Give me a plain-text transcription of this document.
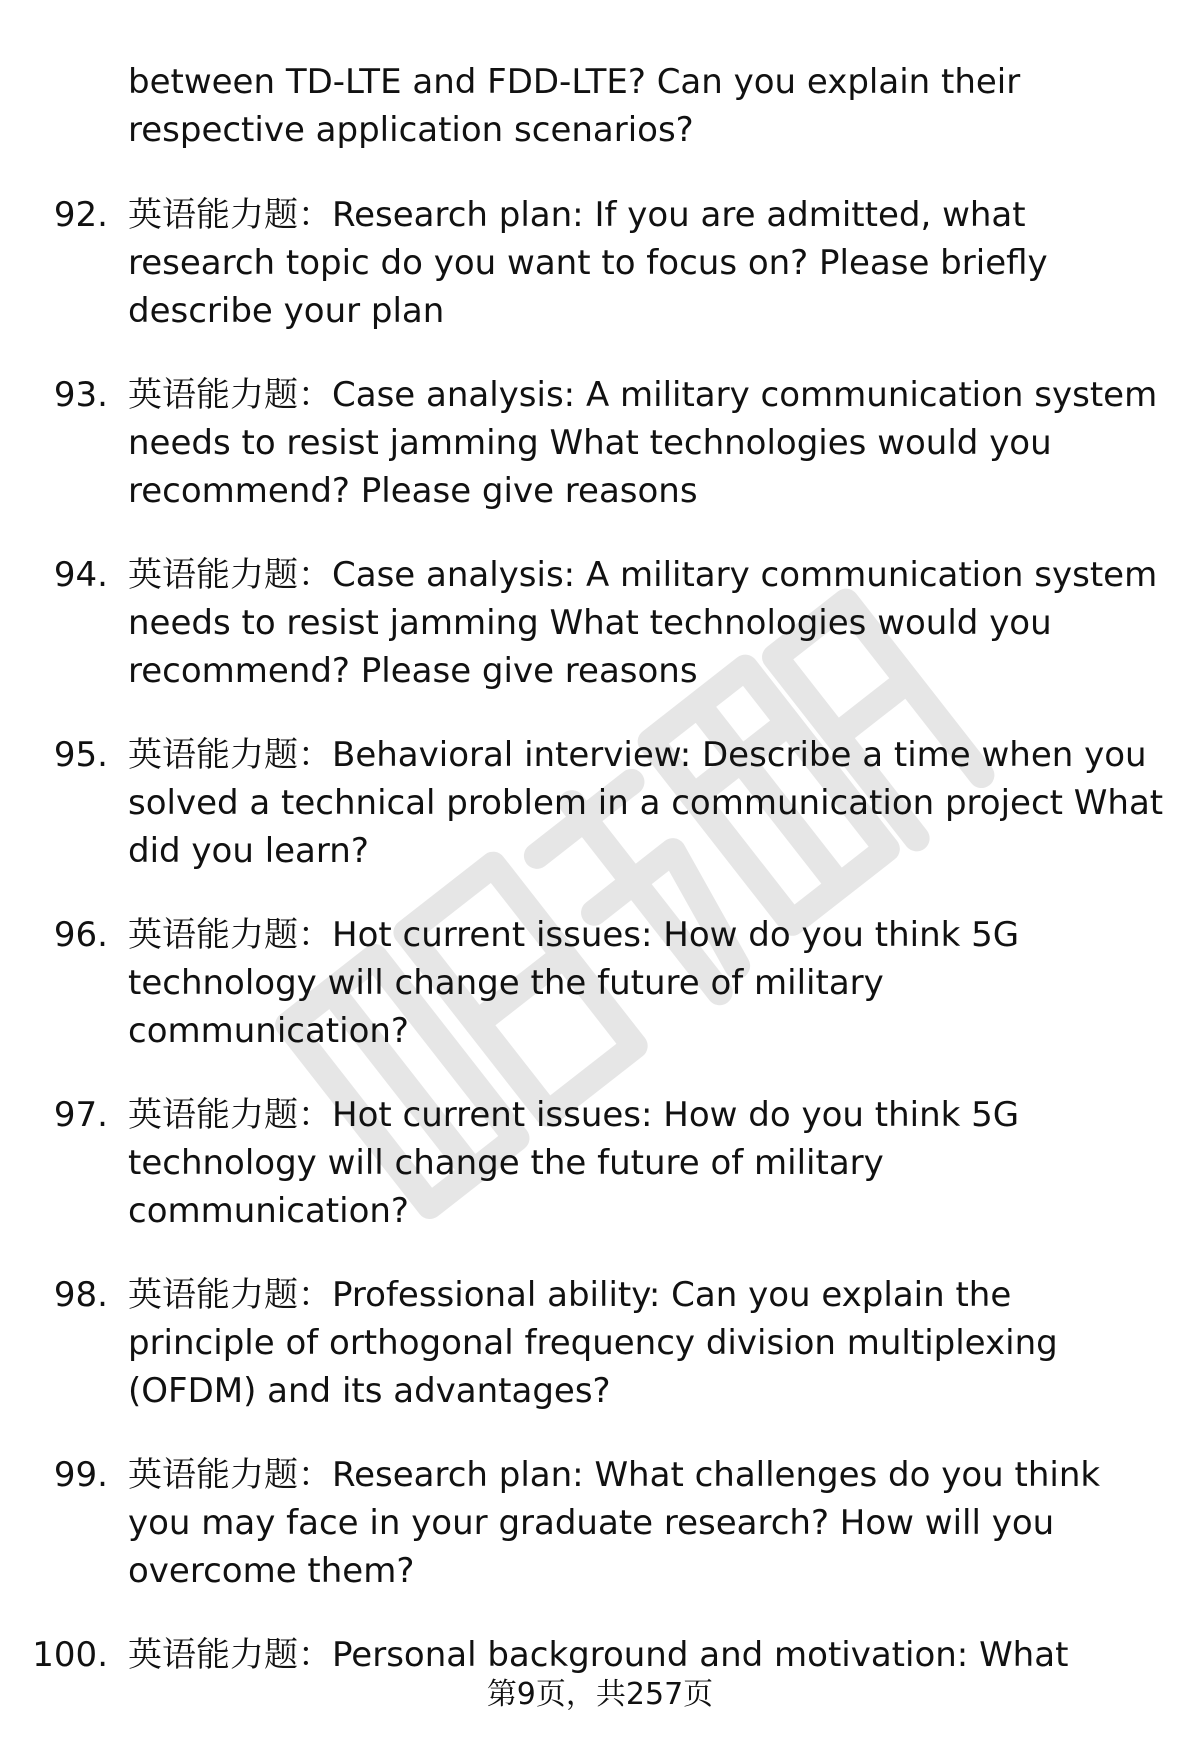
between TD-LTE and FDD-LTE? Can you explain their respective application scenarios?
92. 英语能力题：Research plan: If you are admitted, what research topic do you want to focus on? Please briefly describe your plan
93. 英语能力题：Case analysis: A military communication system needs to resist jamming What technologies would you recommend? Please give reasons
94. 英语能力题：Case analysis: A military communication system needs to resist jamming What technologies would you recommend? Please give reasons
95. 英语能力题：Behavioral interview: Describe a time when you solved a technical problem in a communication project What did you learn?
96. 英语能力题：Hot current issues: How do you think 5G technology will change the future of military communication?
97. 英语能力题：Hot current issues: How do you think 5G technology will change the future of military communication?
98. 英语能力题：Professional ability: Can you explain the principle of orthogonal frequency division multiplexing (OFDM) and its advantages?
99. 英语能力题：Research plan: What challenges do you think you may face in your graduate research? How will you overcome them?
100. 英语能力题：Personal background and motivation: What
第9页，共257页
